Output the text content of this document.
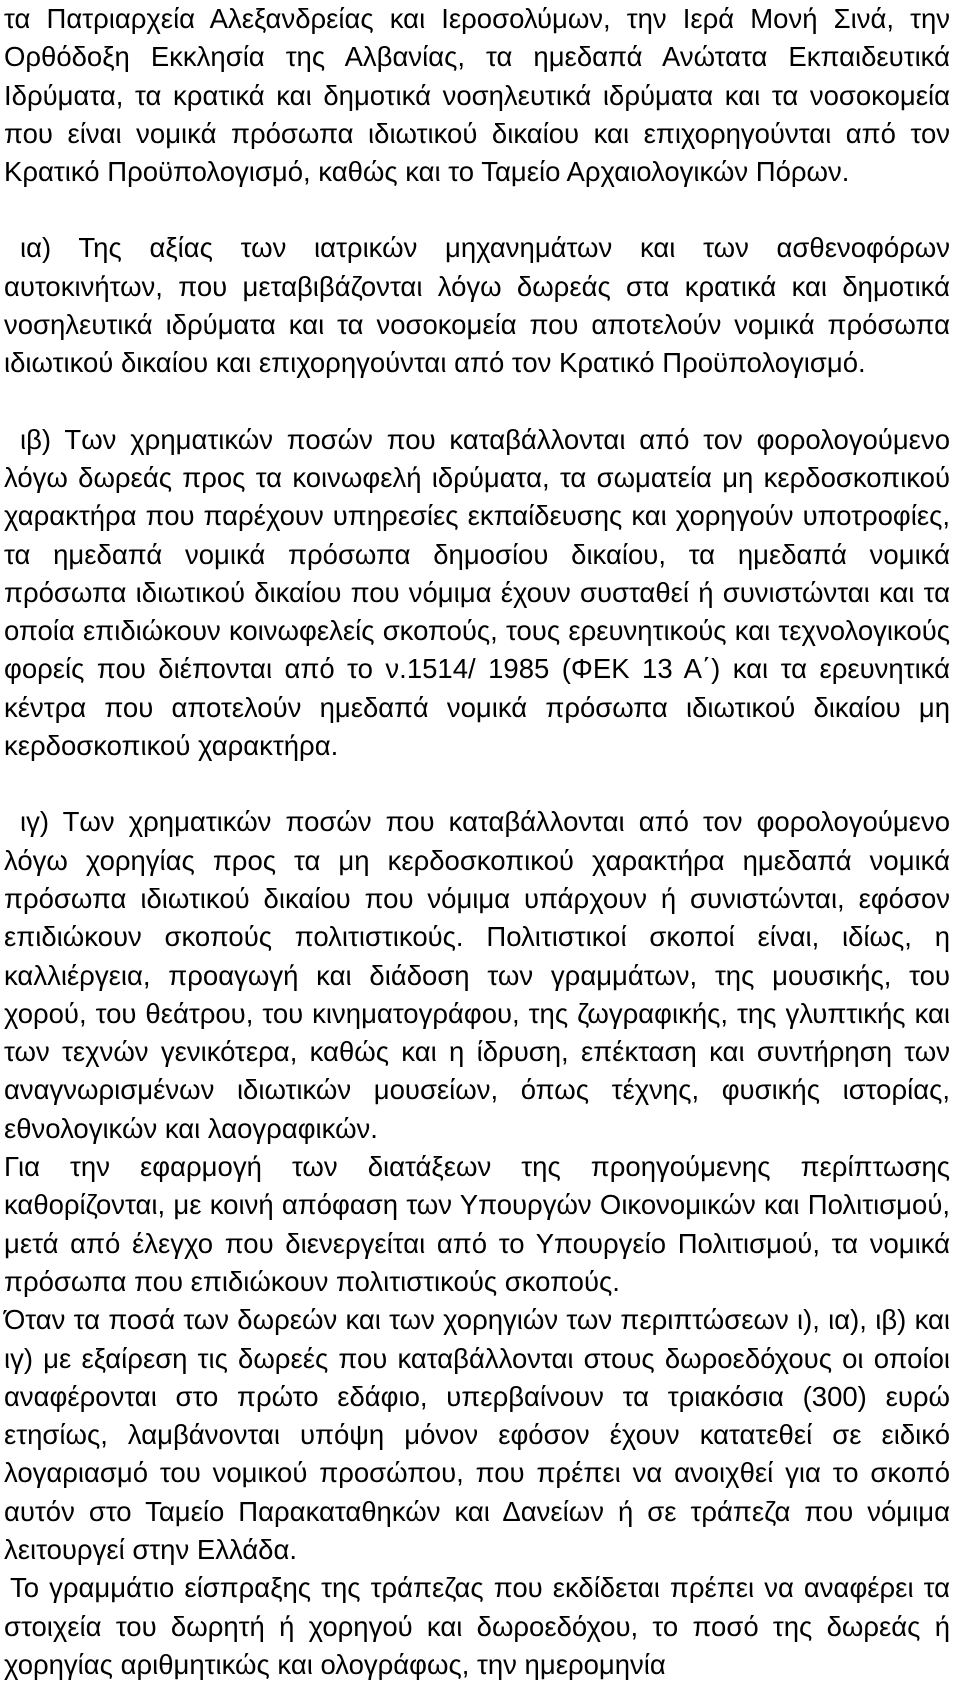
τα Πατριαρχεία Αλεξανδρείας και Ιεροσολύμων, την Ιερά Μονή Σινά, την Ορθόδοξη Εκκλησία της Αλβανίας, τα ημεδαπά Ανώτατα Εκπαιδευτικά Ιδρύματα, τα κρατικά και δημοτικά νοσηλευτικά ιδρύματα και τα νοσοκομεία που είναι νομικά πρόσωπα ιδιωτικού δικαίου και επιχορηγούνται από τον Κρατικό Προϋπολογισμό, καθώς και το Ταμείο Αρχαιολογικών Πόρων.

ια) Της αξίας των ιατρικών μηχανημάτων και των ασθενοφόρων αυτοκινήτων, που μεταβιβάζονται λόγω δωρεάς στα κρατικά και δημοτικά νοσηλευτικά ιδρύματα και τα νοσοκομεία που αποτελούν νομικά πρόσωπα ιδιωτικού δικαίου και επιχορηγούνται από τον Κρατικό Προϋπολογισμό.

ιβ) Των χρηματικών ποσών που καταβάλλονται από τον φορολογούμενο λόγω δωρεάς προς τα κοινωφελή ιδρύματα, τα σωματεία μη κερδοσκοπικού χαρακτήρα που παρέχουν υπηρεσίες εκπαίδευσης και χορηγούν υποτροφίες, τα ημεδαπά νομικά πρόσωπα δημοσίου δικαίου, τα ημεδαπά νομικά πρόσωπα ιδιωτικού δικαίου που νόμιμα έχουν συσταθεί ή συνιστώνται και τα οποία επιδιώκουν κοινωφελείς σκοπούς, τους ερευνητικούς και τεχνολογικούς φορείς που διέπονται από το ν.1514/ 1985 (ΦΕΚ 13 Α΄) και τα ερευνητικά κέντρα που αποτελούν ημεδαπά νομικά πρόσωπα ιδιωτικού δικαίου μη κερδοσκοπικού χαρακτήρα.

ιγ) Των χρηματικών ποσών που καταβάλλονται από τον φορολογούμενο λόγω χορηγίας προς τα μη κερδοσκοπικού χαρακτήρα ημεδαπά νομικά πρόσωπα ιδιωτικού δικαίου που νόμιμα υπάρχουν ή συνιστώνται, εφόσον επιδιώκουν σκοπούς πολιτιστικούς. Πολιτιστικοί σκοποί είναι, ιδίως, η καλλιέργεια, προαγωγή και διάδοση των γραμμάτων, της μουσικής, του χορού, του θεάτρου, του κινηματογράφου, της ζωγραφικής, της γλυπτικής και των τεχνών γενικότερα, καθώς και η ίδρυση, επέκταση και συντήρηση των αναγνωρισμένων ιδιωτικών μουσείων, όπως τέχνης, φυσικής ιστορίας, εθνολογικών και λαογραφικών.

Για την εφαρμογή των διατάξεων της προηγούμενης περίπτωσης καθορίζονται, με κοινή απόφαση των Υπουργών Οικονομικών και Πολιτισμού, μετά από έλεγχο που διενεργείται από το Υπουργείο Πολιτισμού, τα νομικά πρόσωπα που επιδιώκουν πολιτιστικούς σκοπούς.

Όταν τα ποσά των δωρεών και των χορηγιών των περιπτώσεων ι), ια), ιβ) και ιγ) με εξαίρεση τις δωρεές που καταβάλλονται στους δωροεδόχους οι οποίοι αναφέρονται στο πρώτο εδάφιο, υπερβαίνουν τα τριακόσια (300) ευρώ ετησίως, λαμβάνονται υπόψη μόνον εφόσον έχουν κατατεθεί σε ειδικό λογαριασμό του νομικού προσώπου, που πρέπει να ανοιχθεί για το σκοπό αυτόν στο Ταμείο Παρακαταθηκών και Δανείων ή σε τράπεζα που νόμιμα λειτουργεί στην Ελλάδα.

Το γραμμάτιο είσπραξης της τράπεζας που εκδίδεται πρέπει να αναφέρει τα στοιχεία του δωρητή ή χορηγού και δωροεδόχου, το ποσό της δωρεάς ή χορηγίας αριθμητικώς και ολογράφως, την ημερομηνία
